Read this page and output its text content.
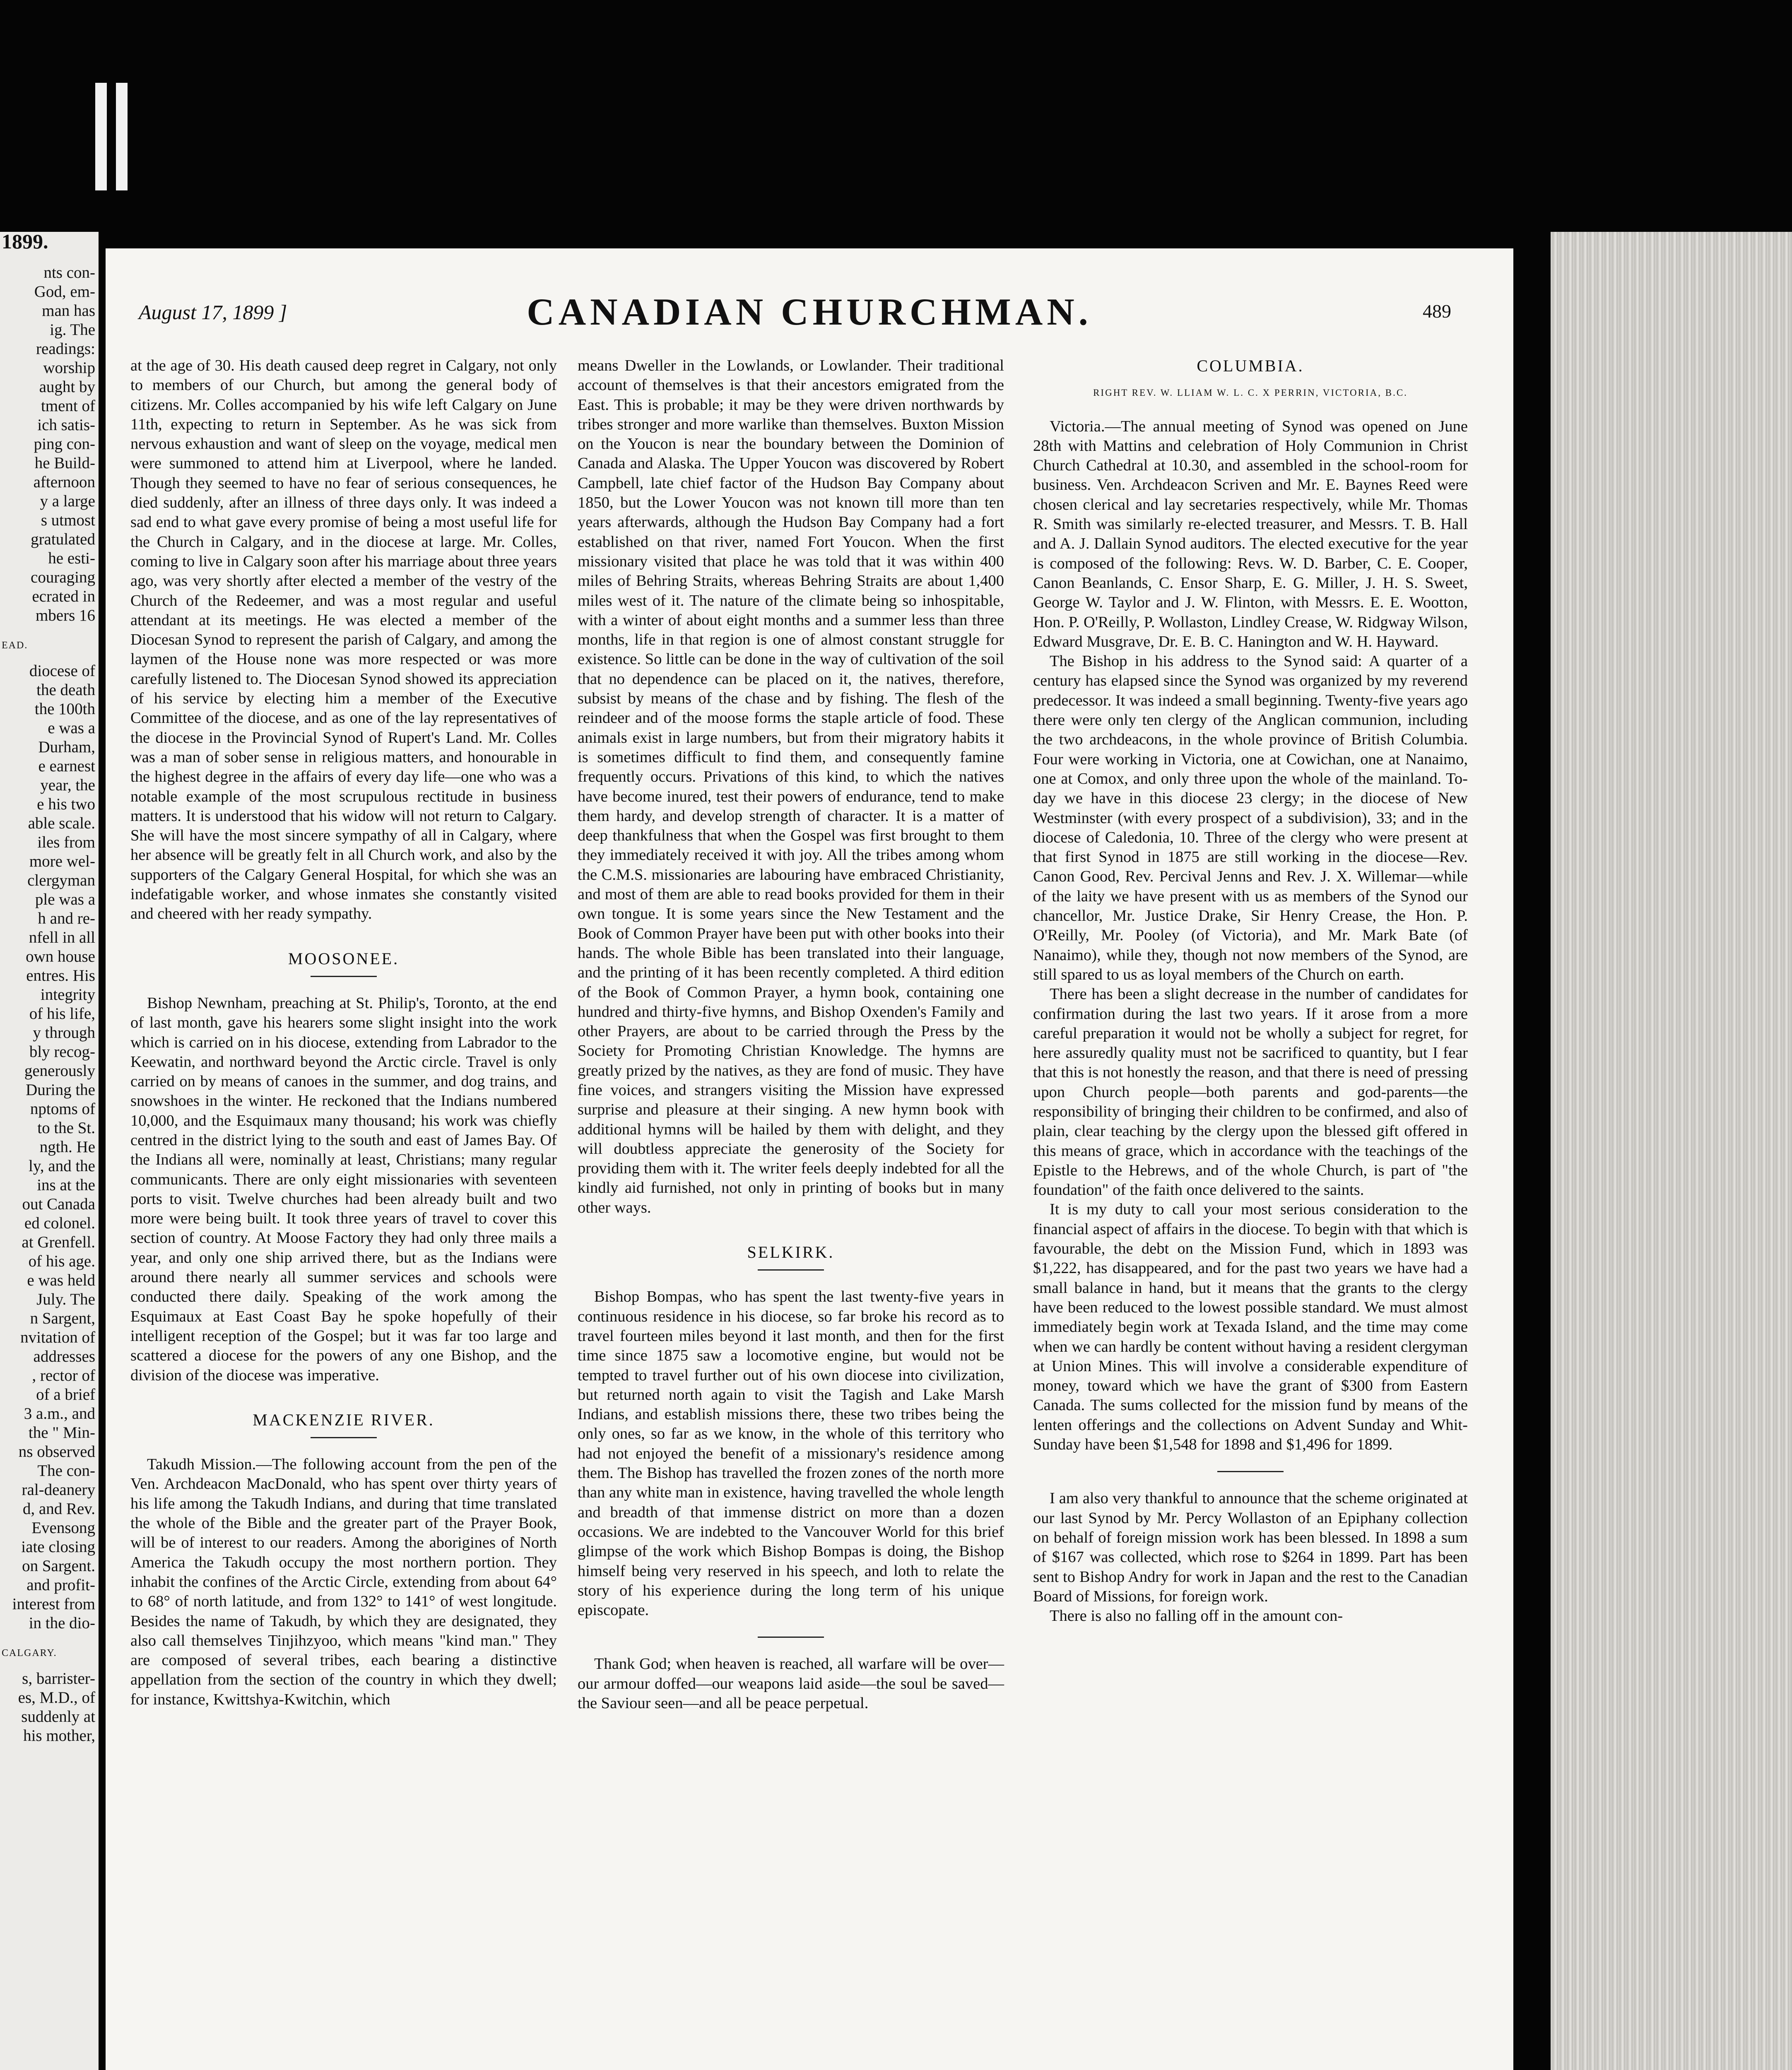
1899.

nts con-

God, em-

man has

ig. The

readings:

worship

aught by

tment of

ich satis-

ping con-

he Build-

afternoon

y a large

s utmost

gratulated

he esti-

couraging

ecrated in

mbers 16

EAD.

diocese of

the death

the 100th

e was a

Durham,

e earnest

year, the

e his two

able scale.

iles from

more wel-

clergyman

ple was a

h and re-

nfell in all

own house

entres. His

integrity

of his life,

y through

bly recog-

generously

During the

nptoms of

to the St.

ngth. He

ly, and the

ins at the

out Canada

ed colonel.

at Grenfell.

of his age.

e was held

July. The

n Sargent,

nvitation of

addresses

, rector of

of a brief

3 a.m., and

the " Min-

ns observed

The con-

ral-deanery

d, and Rev.

Evensong

iate closing

on Sargent.

and profit-

interest from

in the dio-

CALGARY.

s, barrister-

es, M.D., of

suddenly at

his mother,

August 17, 1899 ]	CANADIAN CHURCHMAN.	489

at the age of 30. His death caused deep regret in Calgary, not only to members of our Church, but among the general body of citizens. Mr. Colles accompanied by his wife left Calgary on June 11th, expecting to return in September. As he was sick from nervous exhaustion and want of sleep on the voyage, medical men were summoned to attend him at Liverpool, where he landed. Though they seemed to have no fear of serious consequences, he died suddenly, after an illness of three days only. It was indeed a sad end to what gave every promise of being a most useful life for the Church in Calgary, and in the diocese at large. Mr. Colles, coming to live in Calgary soon after his marriage about three years ago, was very shortly after elected a member of the vestry of the Church of the Redeemer, and was a most regular and useful attendant at its meetings. He was elected a member of the Diocesan Synod to represent the parish of Calgary, and among the laymen of the House none was more respected or was more carefully listened to. The Diocesan Synod showed its appreciation of his service by electing him a member of the Executive Committee of the diocese, and as one of the lay representatives of the diocese in the Provincial Synod of Rupert's Land. Mr. Colles was a man of sober sense in religious matters, and honourable in the highest degree in the affairs of every day life—one who was a notable example of the most scrupulous rectitude in business matters. It is understood that his widow will not return to Calgary. She will have the most sincere sympathy of all in Calgary, where her absence will be greatly felt in all Church work, and also by the supporters of the Calgary General Hospital, for which she was an indefatigable worker, and whose inmates she constantly visited and cheered with her ready sympathy.

MOOSONEE.

Bishop Newnham, preaching at St. Philip's, Toronto, at the end of last month, gave his hearers some slight insight into the work which is carried on in his diocese, extending from Labrador to the Keewatin, and northward beyond the Arctic circle. Travel is only carried on by means of canoes in the summer, and dog trains, and snowshoes in the winter. He reckoned that the Indians numbered 10,000, and the Esquimaux many thousand; his work was chiefly centred in the district lying to the south and east of James Bay. Of the Indians all were, nominally at least, Christians; many regular communicants. There are only eight missionaries with seventeen ports to visit. Twelve churches had been already built and two more were being built. It took three years of travel to cover this section of country. At Moose Factory they had only three mails a year, and only one ship arrived there, but as the Indians were around there nearly all summer services and schools were conducted there daily. Speaking of the work among the Esquimaux at East Coast Bay he spoke hopefully of their intelligent reception of the Gospel; but it was far too large and scattered a diocese for the powers of any one Bishop, and the division of the diocese was imperative.

MACKENZIE RIVER.

Takudh Mission.—The following account from the pen of the Ven. Archdeacon MacDonald, who has spent over thirty years of his life among the Takudh Indians, and during that time translated the whole of the Bible and the greater part of the Prayer Book, will be of interest to our readers. Among the aborigines of North America the Takudh occupy the most northern portion. They inhabit the confines of the Arctic Circle, extending from about 64° to 68° of north latitude, and from 132° to 141° of west longitude. Besides the name of Takudh, by which they are designated, they also call themselves Tinjihzyoo, which means "kind man." They are composed of several tribes, each bearing a distinctive appellation from the section of the country in which they dwell; for instance, Kwittshya-Kwitchin, which

means Dweller in the Lowlands, or Lowlander. Their traditional account of themselves is that their ancestors emigrated from the East. This is probable; it may be they were driven northwards by tribes stronger and more warlike than themselves. Buxton Mission on the Youcon is near the boundary between the Dominion of Canada and Alaska. The Upper Youcon was discovered by Robert Campbell, late chief factor of the Hudson Bay Company about 1850, but the Lower Youcon was not known till more than ten years afterwards, although the Hudson Bay Company had a fort established on that river, named Fort Youcon. When the first missionary visited that place he was told that it was within 400 miles of Behring Straits, whereas Behring Straits are about 1,400 miles west of it. The nature of the climate being so inhospitable, with a winter of about eight months and a summer less than three months, life in that region is one of almost constant struggle for existence. So little can be done in the way of cultivation of the soil that no dependence can be placed on it, the natives, therefore, subsist by means of the chase and by fishing. The flesh of the reindeer and of the moose forms the staple article of food. These animals exist in large numbers, but from their migratory habits it is sometimes difficult to find them, and consequently famine frequently occurs. Privations of this kind, to which the natives have become inured, test their powers of endurance, tend to make them hardy, and develop strength of character. It is a matter of deep thankfulness that when the Gospel was first brought to them they immediately received it with joy. All the tribes among whom the C.M.S. missionaries are labouring have embraced Christianity, and most of them are able to read books provided for them in their own tongue. It is some years since the New Testament and the Book of Common Prayer have been put with other books into their hands. The whole Bible has been translated into their language, and the printing of it has been recently completed. A third edition of the Book of Common Prayer, a hymn book, containing one hundred and thirty-five hymns, and Bishop Oxenden's Family and other Prayers, are about to be carried through the Press by the Society for Promoting Christian Knowledge. The hymns are greatly prized by the natives, as they are fond of music. They have fine voices, and strangers visiting the Mission have expressed surprise and pleasure at their singing. A new hymn book with additional hymns will be hailed by them with delight, and they will doubtless appreciate the generosity of the Society for providing them with it. The writer feels deeply indebted for all the kindly aid furnished, not only in printing of books but in many other ways.

SELKIRK.

Bishop Bompas, who has spent the last twenty-five years in continuous residence in his diocese, so far broke his record as to travel fourteen miles beyond it last month, and then for the first time since 1875 saw a locomotive engine, but would not be tempted to travel further out of his own diocese into civilization, but returned north again to visit the Tagish and Lake Marsh Indians, and establish missions there, these two tribes being the only ones, so far as we know, in the whole of this territory who had not enjoyed the benefit of a missionary's residence among them. The Bishop has travelled the frozen zones of the north more than any white man in existence, having travelled the whole length and breadth of that immense district on more than a dozen occasions. We are indebted to the Vancouver World for this brief glimpse of the work which Bishop Bompas is doing, the Bishop himself being very reserved in his speech, and loth to relate the story of his experience during the long term of his unique episcopate.

Thank God; when heaven is reached, all warfare will be over—our armour doffed—our weapons laid aside—the soul be saved—the Saviour seen—and all be peace perpetual.

COLUMBIA.
RIGHT REV. W. LLIAM W. L. C. X PERRIN, VICTORIA, B.C.

Victoria.—The annual meeting of Synod was opened on June 28th with Mattins and celebration of Holy Communion in Christ Church Cathedral at 10.30, and assembled in the school-room for business. Ven. Archdeacon Scriven and Mr. E. Baynes Reed were chosen clerical and lay secretaries respectively, while Mr. Thomas R. Smith was similarly re-elected treasurer, and Messrs. T. B. Hall and A. J. Dallain Synod auditors. The elected executive for the year is composed of the following: Revs. W. D. Barber, C. E. Cooper, Canon Beanlands, C. Ensor Sharp, E. G. Miller, J. H. S. Sweet, George W. Taylor and J. W. Flinton, with Messrs. E. E. Wootton, Hon. P. O'Reilly, P. Wollaston, Lindley Crease, W. Ridgway Wilson, Edward Musgrave, Dr. E. B. C. Hanington and W. H. Hayward.

The Bishop in his address to the Synod said: A quarter of a century has elapsed since the Synod was organized by my reverend predecessor. It was indeed a small beginning. Twenty-five years ago there were only ten clergy of the Anglican communion, including the two archdeacons, in the whole province of British Columbia. Four were working in Victoria, one at Cowichan, one at Nanaimo, one at Comox, and only three upon the whole of the mainland. To-day we have in this diocese 23 clergy; in the diocese of New Westminster (with every prospect of a subdivision), 33; and in the diocese of Caledonia, 10. Three of the clergy who were present at that first Synod in 1875 are still working in the diocese—Rev. Canon Good, Rev. Percival Jenns and Rev. J. X. Willemar—while of the laity we have present with us as members of the Synod our chancellor, Mr. Justice Drake, Sir Henry Crease, the Hon. P. O'Reilly, Mr. Pooley (of Victoria), and Mr. Mark Bate (of Nanaimo), while they, though not now members of the Synod, are still spared to us as loyal members of the Church on earth.

There has been a slight decrease in the number of candidates for confirmation during the last two years. If it arose from a more careful preparation it would not be wholly a subject for regret, for here assuredly quality must not be sacrificed to quantity, but I fear that this is not honestly the reason, and that there is need of pressing upon Church people—both parents and god-parents—the responsibility of bringing their children to be confirmed, and also of plain, clear teaching by the clergy upon the blessed gift offered in this means of grace, which in accordance with the teachings of the Epistle to the Hebrews, and of the whole Church, is part of "the foundation" of the faith once delivered to the saints.

It is my duty to call your most serious consideration to the financial aspect of affairs in the diocese. To begin with that which is favourable, the debt on the Mission Fund, which in 1893 was $1,222, has disappeared, and for the past two years we have had a small balance in hand, but it means that the grants to the clergy have been reduced to the lowest possible standard. We must almost immediately begin work at Texada Island, and the time may come when we can hardly be content without having a resident clergyman at Union Mines. This will involve a considerable expenditure of money, toward which we have the grant of $300 from Eastern Canada. The sums collected for the mission fund by means of the lenten offerings and the collections on Advent Sunday and Whit-Sunday have been $1,548 for 1898 and $1,496 for 1899.

I am also very thankful to announce that the scheme originated at our last Synod by Mr. Percy Wollaston of an Epiphany collection on behalf of foreign mission work has been blessed. In 1898 a sum of $167 was collected, which rose to $264 in 1899. Part has been sent to Bishop Andry for work in Japan and the rest to the Canadian Board of Missions, for foreign work.

There is also no falling off in the amount con-
